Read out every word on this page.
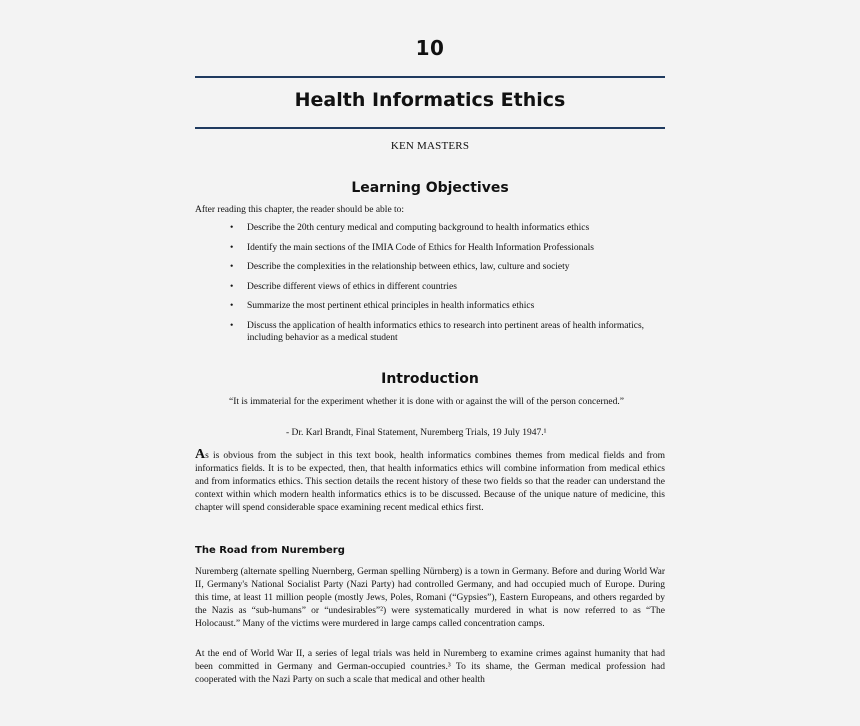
10
Health Informatics Ethics
KEN MASTERS
Learning Objectives
After reading this chapter, the reader should be able to:
• Describe the 20th century medical and computing background to health informatics ethics
• Identify the main sections of the IMIA Code of Ethics for Health Information Professionals
• Describe the complexities in the relationship between ethics, law, culture and society
• Describe different views of ethics in different countries
• Summarize the most pertinent ethical principles in health informatics ethics
• Discuss the application of health informatics ethics to research into pertinent areas of health informatics, including behavior as a medical student
Introduction
“It is immaterial for the experiment whether it is done with or against the will of the person concerned.”
- Dr. Karl Brandt, Final Statement, Nuremberg Trials, 19 July 1947.¹
As is obvious from the subject in this text book, health informatics combines themes from medical fields and from informatics fields. It is to be expected, then, that health informatics ethics will combine information from medical ethics and from informatics ethics. This section details the recent history of these two fields so that the reader can understand the context within which modern health informatics ethics is to be discussed. Because of the unique nature of medicine, this chapter will spend considerable space examining recent medical ethics first.
The Road from Nuremberg
Nuremberg (alternate spelling Nuernberg, German spelling Nürnberg) is a town in Germany. Before and during World War II, Germany's National Socialist Party (Nazi Party) had controlled Germany, and had occupied much of Europe. During this time, at least 11 million people (mostly Jews, Poles, Romani (“Gypsies”), Eastern Europeans, and others regarded by the Nazis as “sub-humans” or “undesirables”²) were systematically murdered in what is now referred to as “The Holocaust.” Many of the victims were murdered in large camps called concentration camps.
At the end of World War II, a series of legal trials was held in Nuremberg to examine crimes against humanity that had been committed in Germany and German-occupied countries.³ To its shame, the German medical profession had cooperated with the Nazi Party on such a scale that medical and other health
